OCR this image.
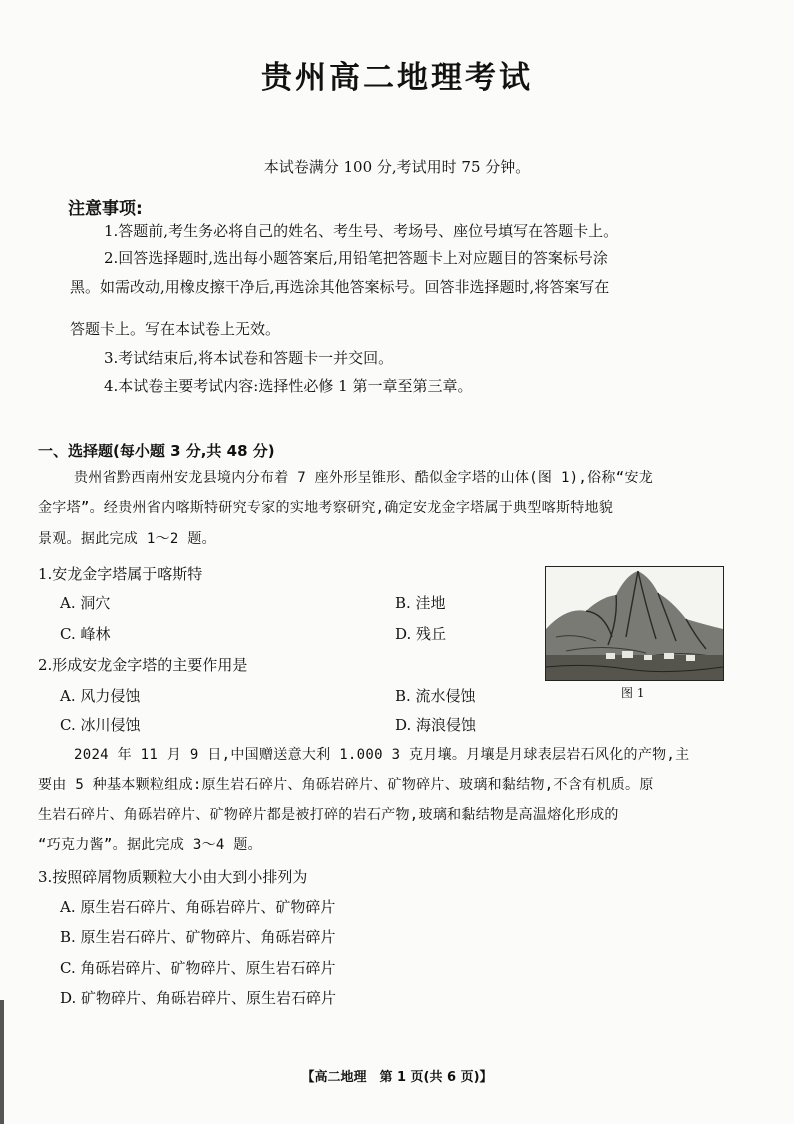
贵州高二地理考试
本试卷满分 100 分,考试用时 75 分钟。
注意事项:
1.答题前,考生务必将自己的姓名、考生号、考场号、座位号填写在答题卡上。
2.回答选择题时,选出每小题答案后,用铅笔把答题卡上对应题目的答案标号涂
黑。如需改动,用橡皮擦干净后,再选涂其他答案标号。回答非选择题时,将答案写在
答题卡上。写在本试卷上无效。
3.考试结束后,将本试卷和答题卡一并交回。
4.本试卷主要考试内容:选择性必修 1 第一章至第三章。
一、选择题(每小题 3 分,共 48 分)
贵州省黔西南州安龙县境内分布着 7 座外形呈锥形、酷似金字塔的山体(图 1),俗称“安龙
金字塔”。经贵州省内喀斯特研究专家的实地考察研究,确定安龙金字塔属于典型喀斯特地貌
景观。据此完成 1～2 题。
1.安龙金字塔属于喀斯特
A. 洞穴	B. 洼地
C. 峰林	D. 残丘
2.形成安龙金字塔的主要作用是
A. 风力侵蚀	B. 流水侵蚀
C. 冰川侵蚀	D. 海浪侵蚀
图 1
2024 年 11 月 9 日,中国赠送意大利 1.000 3 克月壤。月壤是月球表层岩石风化的产物,主
要由 5 种基本颗粒组成:原生岩石碎片、角砾岩碎片、矿物碎片、玻璃和黏结物,不含有机质。原
生岩石碎片、角砾岩碎片、矿物碎片都是被打碎的岩石产物,玻璃和黏结物是高温熔化形成的
“巧克力酱”。据此完成 3～4 题。
3.按照碎屑物质颗粒大小由大到小排列为
A. 原生岩石碎片、角砾岩碎片、矿物碎片
B. 原生岩石碎片、矿物碎片、角砾岩碎片
C. 角砾岩碎片、矿物碎片、原生岩石碎片
D. 矿物碎片、角砾岩碎片、原生岩石碎片
【高二地理　第 1 页(共 6 页)】
